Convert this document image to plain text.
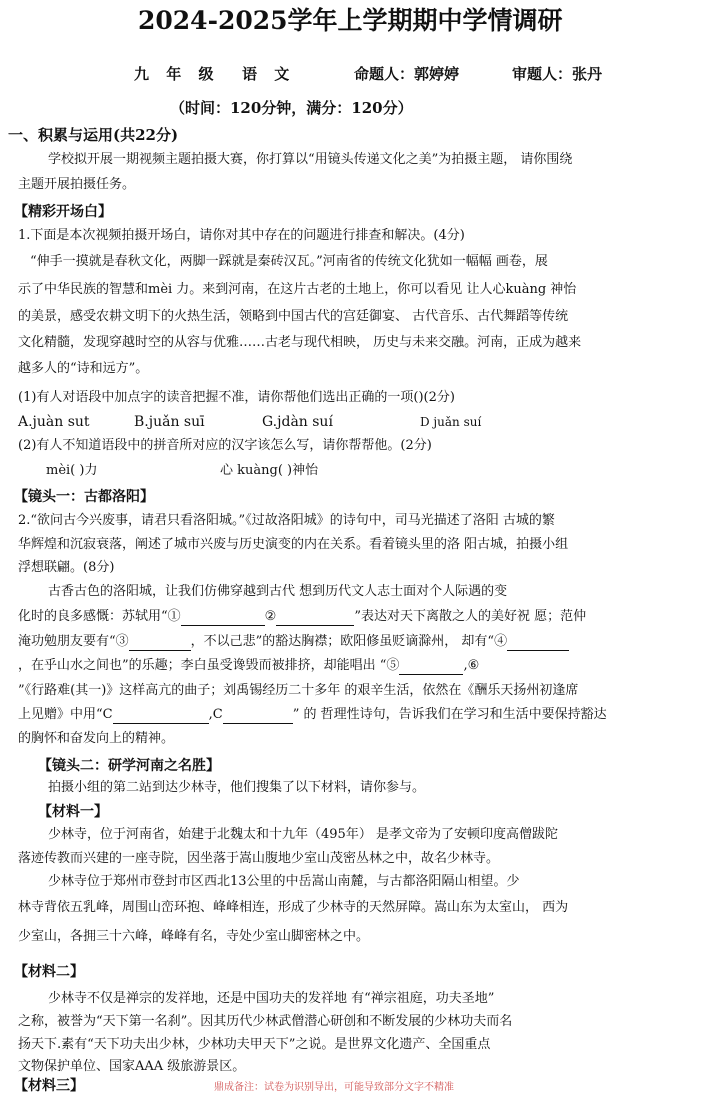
2024-2025学年上学期期中学情调研
九 年 级 语 文	命题人：郭婷婷	审题人：张丹
（时间：120分钟，满分：120分）
一、积累与运用(共22分)
学校拟开展一期视频主题拍摄大赛，你打算以“用镜头传递文化之美”为拍摄主题， 请你围绕
主题开展拍摄任务。
【精彩开场白】
1.下面是本次视频拍摄开场白，请你对其中存在的问题进行排查和解决。(4分)
“伸手一摸就是春秋文化，两脚一踩就是秦砖汉瓦。”河南省的传统文化犹如一幅幅 画卷，展
示了中华民族的智慧和mèi 力。来到河南，在这片古老的土地上，你可以看见 让人心kuàng 神怡
的美景，感受农耕文明下的火热生活，领略到中国古代的宫廷御宴、 古代音乐、古代舞蹈等传统
文化精髓，发现穿越时空的从容与优雅……古老与现代相映， 历史与未来交融。河南，正成为越来
越多人的“诗和远方”。
(1)有人对语段中加点字的读音把握不准，请你帮他们选出正确的一项()(2分)
A.juàn sut	B.juǎn suī	G.jdàn suí	D juǎn suí
(2)有人不知道语段中的拼音所对应的汉字该怎么写，请你帮帮他。(2分)
mèi( )力	心 kuàng( )神怡
【镜头一：古都洛阳】
2.“欲问古今兴废事，请君只看洛阳城。”《过故洛阳城》的诗句中，司马光描述了洛阳 古城的繁
华辉煌和沉寂衰落，阐述了城市兴废与历史演变的内在关系。看着镜头里的洛 阳古城，拍摄小组
浮想联翩。(8分)
古香古色的洛阳城，让我们仿佛穿越到古代 想到历代文人志士面对个人际遇的变
化时的良多感慨：苏轼用“①	②	”表达对天下离散之人的美好祝 愿；范仲
淹功勉朋友要有“③	，不以己悲”的豁达胸襟；欧阳修虽贬谪滁州， 却有“④
，在乎山水之间也”的乐趣；李白虽受谗毁而被排挤，却能唱出 “⑤	,⑥
”《行路难(其一)》这样高亢的曲子；刘禹锡经历二十多年 的艰辛生活，依然在《酬乐天扬州初逢席
上见赠》中用“C	,C	” 的 哲理性诗句，告诉我们在学习和生活中要保持豁达
的胸怀和奋发向上的精神。
【镜头二：研学河南之名胜】
拍摄小组的第二站到达少林寺，他们搜集了以下材料，请你参与。
【材料一】
少林寺，位于河南省，始建于北魏太和十九年（495年） 是孝文帝为了安顿印度高僧跋陀
落迹传教而兴建的一座寺院，因坐落于嵩山腹地少室山茂密丛林之中，故名少林寺。
少林寺位于郑州市登封市区西北13公里的中岳嵩山南麓，与古都洛阳隔山相望。少
林寺背依五乳峰，周围山峦环抱、峰峰相连，形成了少林寺的天然屏障。嵩山东为太室山， 西为
少室山，各拥三十六峰，峰峰有名，寺处少室山脚密林之中。
【材料二】
少林寺不仅是禅宗的发祥地，还是中国功夫的发祥地 有“禅宗祖庭，功夫圣地”
之称，被誉为“天下第一名刹”。因其历代少林武僧潜心研创和不断发展的少林功夫而名
扬天下.素有“天下功夫出少林，少林功夫甲天下”之说。是世界文化遗产、全国重点
文物保护单位、国家AAA 级旅游景区。
【材料三】	鼎成备注：试卷为识别导出，可能导致部分文字不精准
